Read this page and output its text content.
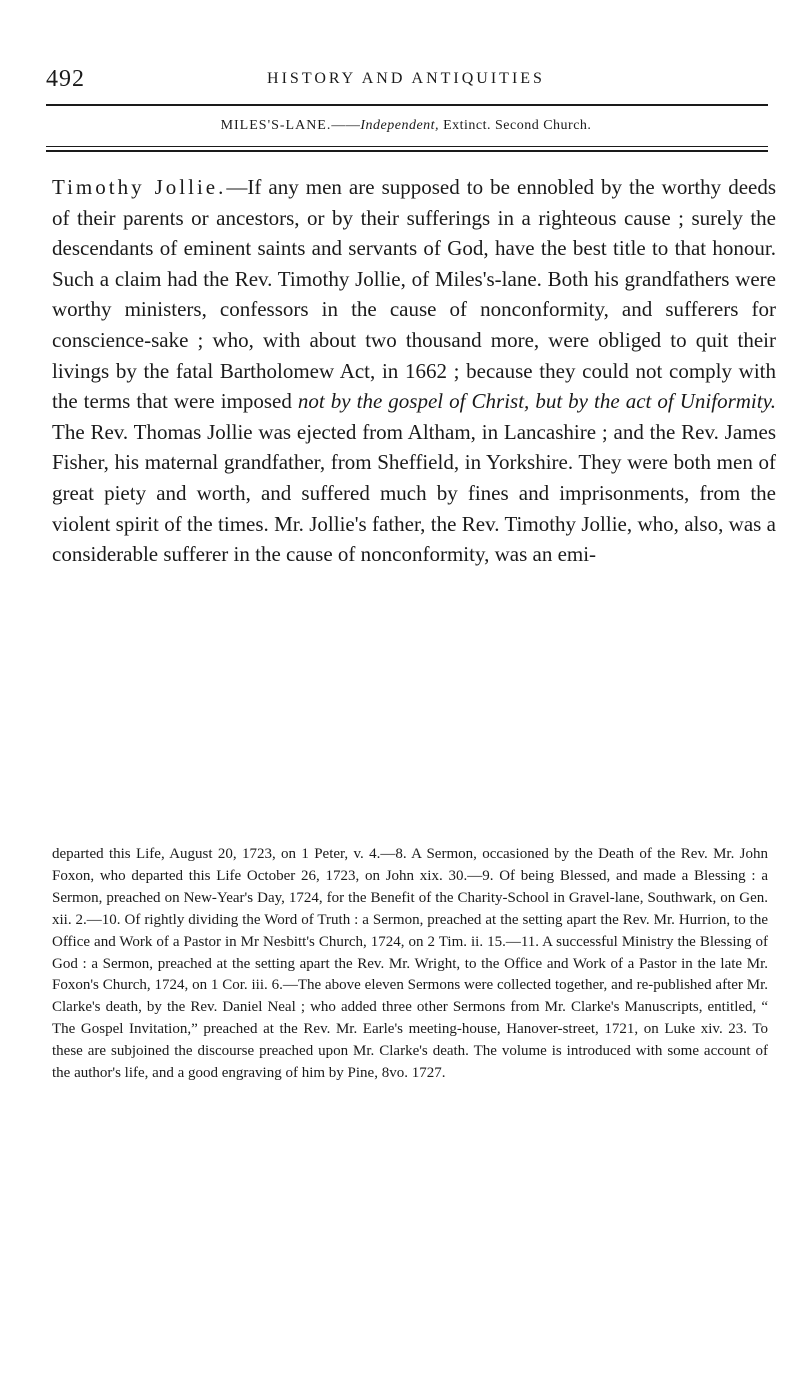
492	HISTORY AND ANTIQUITIES
MILES'S-LANE.——Independent, Extinct. Second Church.
Timothy Jollie.—If any men are supposed to be ennobled by the worthy deeds of their parents or ancestors, or by their sufferings in a righteous cause ; surely the descendants of eminent saints and servants of God, have the best title to that honour. Such a claim had the Rev. Timothy Jollie, of Miles's-lane. Both his grandfathers were worthy ministers, confessors in the cause of nonconformity, and sufferers for conscience-sake ; who, with about two thousand more, were obliged to quit their livings by the fatal Bartholomew Act, in 1662 ; because they could not comply with the terms that were imposed not by the gospel of Christ, but by the act of Uniformity. The Rev. Thomas Jollie was ejected from Altham, in Lancashire ; and the Rev. James Fisher, his maternal grandfather, from Sheffield, in Yorkshire. They were both men of great piety and worth, and suffered much by fines and imprisonments, from the violent spirit of the times. Mr. Jollie's father, the Rev. Timothy Jollie, who, also, was a considerable sufferer in the cause of nonconformity, was an emi-
departed this Life, August 20, 1723, on 1 Peter, v. 4.—8. A Sermon, occasioned by the Death of the Rev. Mr. John Foxon, who departed this Life October 26, 1723, on John xix. 30.—9. Of being Blessed, and made a Blessing : a Sermon, preached on New-Year's Day, 1724, for the Benefit of the Charity-School in Gravel-lane, Southwark, on Gen. xii. 2.—10. Of rightly dividing the Word of Truth : a Sermon, preached at the setting apart the Rev. Mr. Hurrion, to the Office and Work of a Pastor in Mr Nesbitt's Church, 1724, on 2 Tim. ii. 15.—11. A successful Ministry the Blessing of God : a Sermon, preached at the setting apart the Rev. Mr. Wright, to the Office and Work of a Pastor in the late Mr. Foxon's Church, 1724, on 1 Cor. iii. 6.—The above eleven Sermons were collected together, and re-published after Mr. Clarke's death, by the Rev. Daniel Neal ; who added three other Sermons from Mr. Clarke's Manuscripts, entitled, “ The Gospel Invitation,” preached at the Rev. Mr. Earle's meeting-house, Hanover-street, 1721, on Luke xiv. 23. To these are subjoined the discourse preached upon Mr. Clarke's death. The volume is introduced with some account of the author's life, and a good engraving of him by Pine, 8vo. 1727.
